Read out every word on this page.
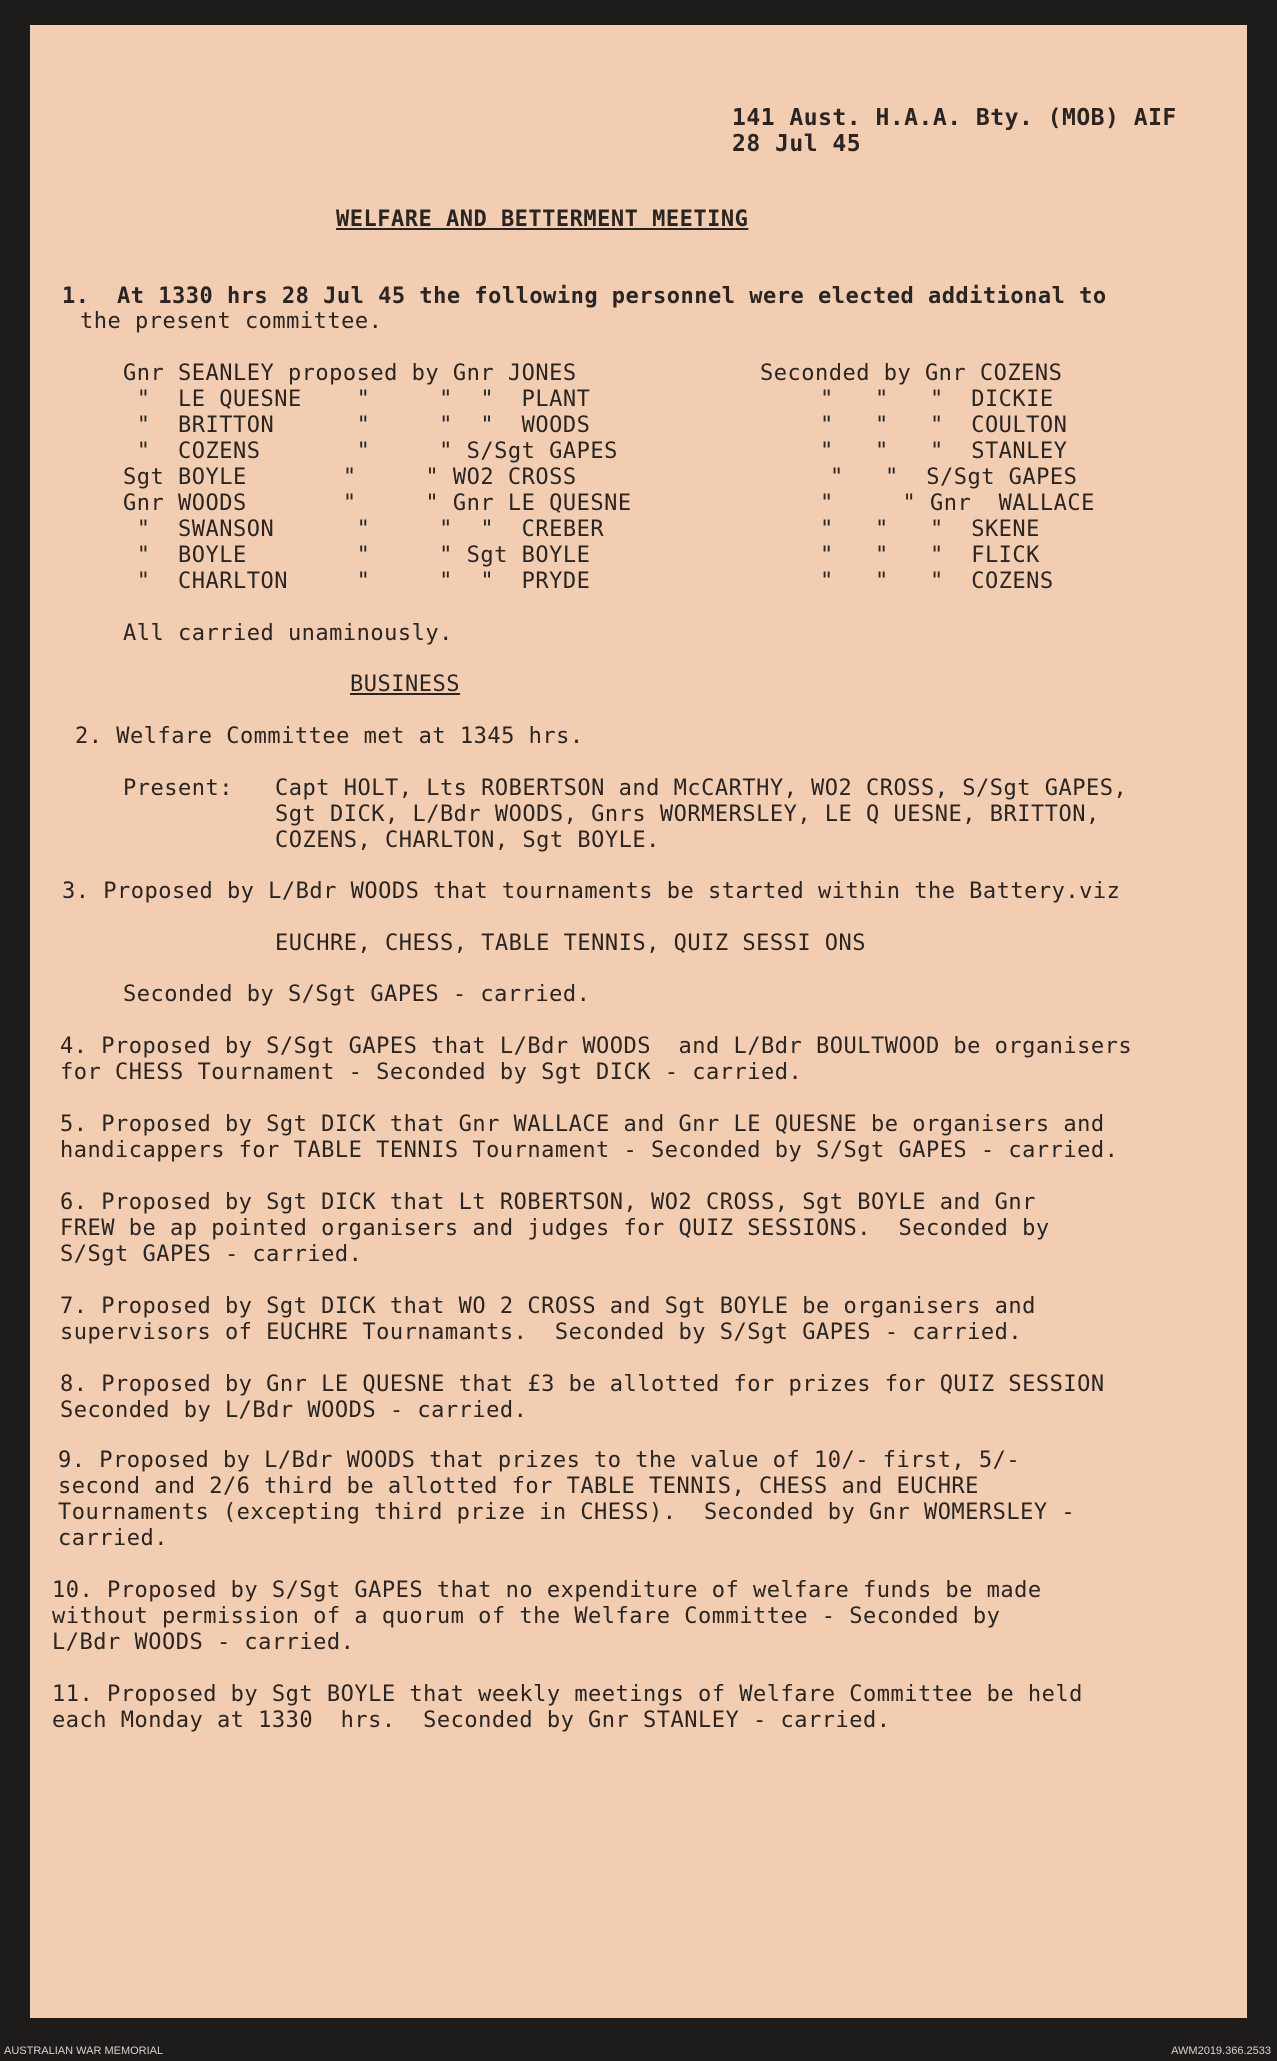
141 Aust. H.A.A. Bty. (MOB) AIF
28 Jul 45
WELFARE AND BETTERMENT MEETING
1.  At 1330 hrs 28 Jul 45 the following personnel were elected additional to
the present committee.
Gnr SEANLEY proposed by Gnr JONES	Seconded by Gnr COZENS
"  LE QUESNE    "     "  "  PLANT	"   "   "  DICKIE
"  BRITTON      "     "  "  WOODS	"   "   "  COULTON
"  COZENS       "     " S/Sgt GAPES	"   "   "  STANLEY
Sgt BOYLE       "     " WO2 CROSS	"   "  S/Sgt GAPES
Gnr WOODS       "     " Gnr LE QUESNE	"     " Gnr  WALLACE
"  SWANSON      "     "  "  CREBER	"   "   "  SKENE
"  BOYLE        "     " Sgt BOYLE	"   "   "  FLICK
"  CHARLTON     "     "  "  PRYDE	"   "   "  COZENS
All carried unaminously.
BUSINESS
2. Welfare Committee met at 1345 hrs.
Present: Capt HOLT, Lts ROBERTSON and McCARTHY, WO2 CROSS, S/Sgt GAPES,
Sgt DICK, L/Bdr WOODS, Gnrs WORMERSLEY, LE Q UESNE, BRITTON,
COZENS, CHARLTON, Sgt BOYLE.
3. Proposed by L/Bdr WOODS that tournaments be started within the Battery.viz
EUCHRE, CHESS, TABLE TENNIS, QUIZ SESSI ONS
Seconded by S/Sgt GAPES - carried.
4. Proposed by S/Sgt GAPES that L/Bdr WOODS  and L/Bdr BOULTWOOD be organisers
for CHESS Tournament - Seconded by Sgt DICK - carried.
5. Proposed by Sgt DICK that Gnr WALLACE and Gnr LE QUESNE be organisers and
handicappers for TABLE TENNIS Tournament - Seconded by S/Sgt GAPES - carried.
6. Proposed by Sgt DICK that Lt ROBERTSON, WO2 CROSS, Sgt BOYLE and Gnr
FREW be ap pointed organisers and judges for QUIZ SESSIONS.  Seconded by
S/Sgt GAPES - carried.
7. Proposed by Sgt DICK that WO 2 CROSS and Sgt BOYLE be organisers and
supervisors of EUCHRE Tournamants.  Seconded by S/Sgt GAPES - carried.
8. Proposed by Gnr LE QUESNE that £3 be allotted for prizes for QUIZ SESSION
Seconded by L/Bdr WOODS - carried.
9. Proposed by L/Bdr WOODS that prizes to the value of 10/- first, 5/-
second and 2/6 third be allotted for TABLE TENNIS, CHESS and EUCHRE
Tournaments (excepting third prize in CHESS).  Seconded by Gnr WOMERSLEY -
carried.
10. Proposed by S/Sgt GAPES that no expenditure of welfare funds be made
without permission of a quorum of the Welfare Committee - Seconded by
L/Bdr WOODS - carried.
11. Proposed by Sgt BOYLE that weekly meetings of Welfare Committee be held
each Monday at 1330  hrs.  Seconded by Gnr STANLEY - carried.
AUSTRALIAN WAR MEMORIAL	AWM2019.366.2533
